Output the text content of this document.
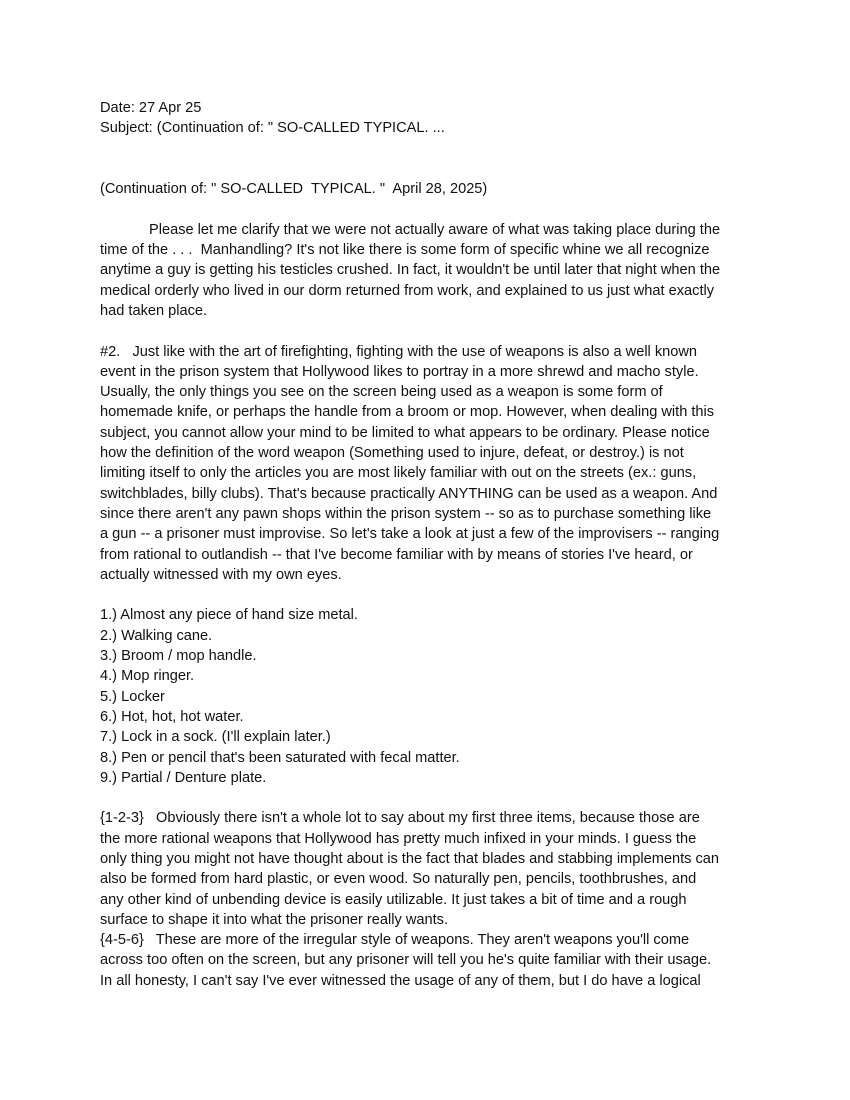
Date: 27 Apr 25
Subject: (Continuation of: " SO-CALLED TYPICAL. ...
(Continuation of: " SO-CALLED  TYPICAL. "  April 28, 2025)
Please let me clarify that we were not actually aware of what was taking place during the
time of the . . .  Manhandling? It's not like there is some form of specific whine we all recognize
anytime a guy is getting his testicles crushed. In fact, it wouldn't be until later that night when the
medical orderly who lived in our dorm returned from work, and explained to us just what exactly
had taken place.
#2.   Just like with the art of firefighting, fighting with the use of weapons is also a well known
event in the prison system that Hollywood likes to portray in a more shrewd and macho style.
Usually, the only things you see on the screen being used as a weapon is some form of
homemade knife, or perhaps the handle from a broom or mop. However, when dealing with this
subject, you cannot allow your mind to be limited to what appears to be ordinary. Please notice
how the definition of the word weapon (Something used to injure, defeat, or destroy.) is not
limiting itself to only the articles you are most likely familiar with out on the streets (ex.: guns,
switchblades, billy clubs). That's because practically ANYTHING can be used as a weapon. And
since there aren't any pawn shops within the prison system -- so as to purchase something like
a gun -- a prisoner must improvise. So let's take a look at just a few of the improvisers -- ranging
from rational to outlandish -- that I've become familiar with by means of stories I've heard, or
actually witnessed with my own eyes.
1.) Almost any piece of hand size metal.
2.) Walking cane.
3.) Broom / mop handle.
4.) Mop ringer.
5.) Locker
6.) Hot, hot, hot water.
7.) Lock in a sock. (I'll explain later.)
8.) Pen or pencil that's been saturated with fecal matter.
9.) Partial / Denture plate.
{1-2-3}   Obviously there isn't a whole lot to say about my first three items, because those are
the more rational weapons that Hollywood has pretty much infixed in your minds. I guess the
only thing you might not have thought about is the fact that blades and stabbing implements can
also be formed from hard plastic, or even wood. So naturally pen, pencils, toothbrushes, and
any other kind of unbending device is easily utilizable. It just takes a bit of time and a rough
surface to shape it into what the prisoner really wants.
{4-5-6}   These are more of the irregular style of weapons. They aren't weapons you'll come
across too often on the screen, but any prisoner will tell you he's quite familiar with their usage.
In all honesty, I can't say I've ever witnessed the usage of any of them, but I do have a logical
